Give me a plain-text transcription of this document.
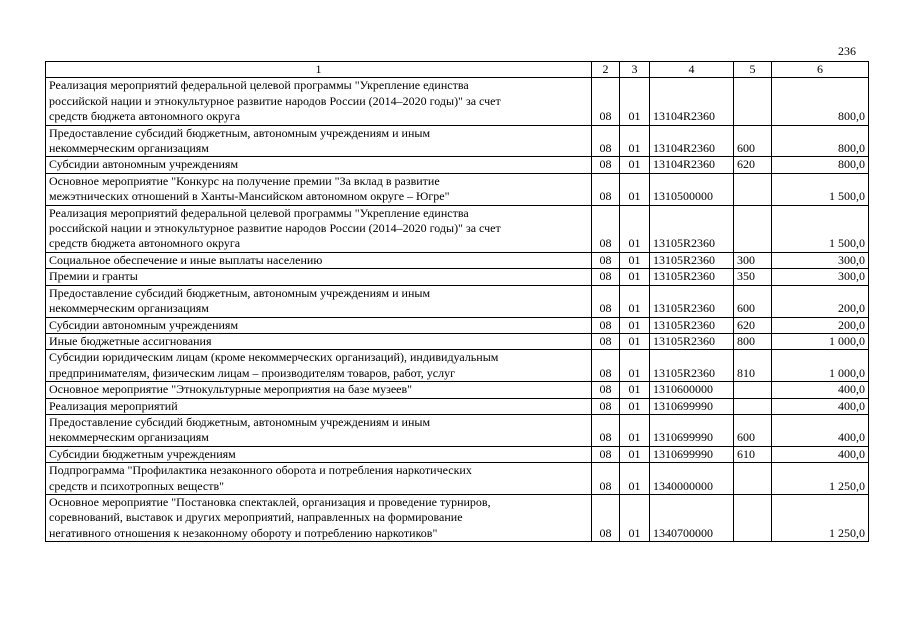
236
1	2	3	4	5	6
Реализация мероприятий федеральной целевой программы "Укрепление единства
российской нации и этнокультурное развитие народов России (2014–2020 годы)" за счет
средств бюджета автономного округа	08	01	13104R2360		800,0
Предоставление субсидий бюджетным, автономным учреждениям и иным
некоммерческим организациям	08	01	13104R2360	600	800,0
Субсидии автономным учреждениям	08	01	13104R2360	620	800,0
Основное мероприятие "Конкурс на получение премии "За вклад в развитие
межэтнических отношений в Ханты-Мансийском автономном округе – Югре"	08	01	1310500000		1 500,0
Реализация мероприятий федеральной целевой программы "Укрепление единства
российской нации и этнокультурное развитие народов России (2014–2020 годы)" за счет
средств бюджета автономного округа	08	01	13105R2360		1 500,0
Социальное обеспечение и иные выплаты населению	08	01	13105R2360	300	300,0
Премии и гранты	08	01	13105R2360	350	300,0
Предоставление субсидий бюджетным, автономным учреждениям и иным
некоммерческим организациям	08	01	13105R2360	600	200,0
Субсидии автономным учреждениям	08	01	13105R2360	620	200,0
Иные бюджетные ассигнования	08	01	13105R2360	800	1 000,0
Субсидии юридическим лицам (кроме некоммерческих организаций), индивидуальным
предпринимателям, физическим лицам – производителям товаров, работ, услуг	08	01	13105R2360	810	1 000,0
Основное мероприятие "Этнокультурные мероприятия на базе музеев"	08	01	1310600000		400,0
Реализация мероприятий	08	01	1310699990		400,0
Предоставление субсидий бюджетным, автономным учреждениям и иным
некоммерческим организациям	08	01	1310699990	600	400,0
Субсидии бюджетным учреждениям	08	01	1310699990	610	400,0
Подпрограмма "Профилактика незаконного оборота и потребления наркотических
средств и психотропных веществ"	08	01	1340000000		1 250,0
Основное мероприятие "Постановка спектаклей, организация и проведение турниров,
соревнований, выставок и других мероприятий, направленных на формирование
негативного отношения к незаконному обороту и потреблению наркотиков"	08	01	1340700000		1 250,0
